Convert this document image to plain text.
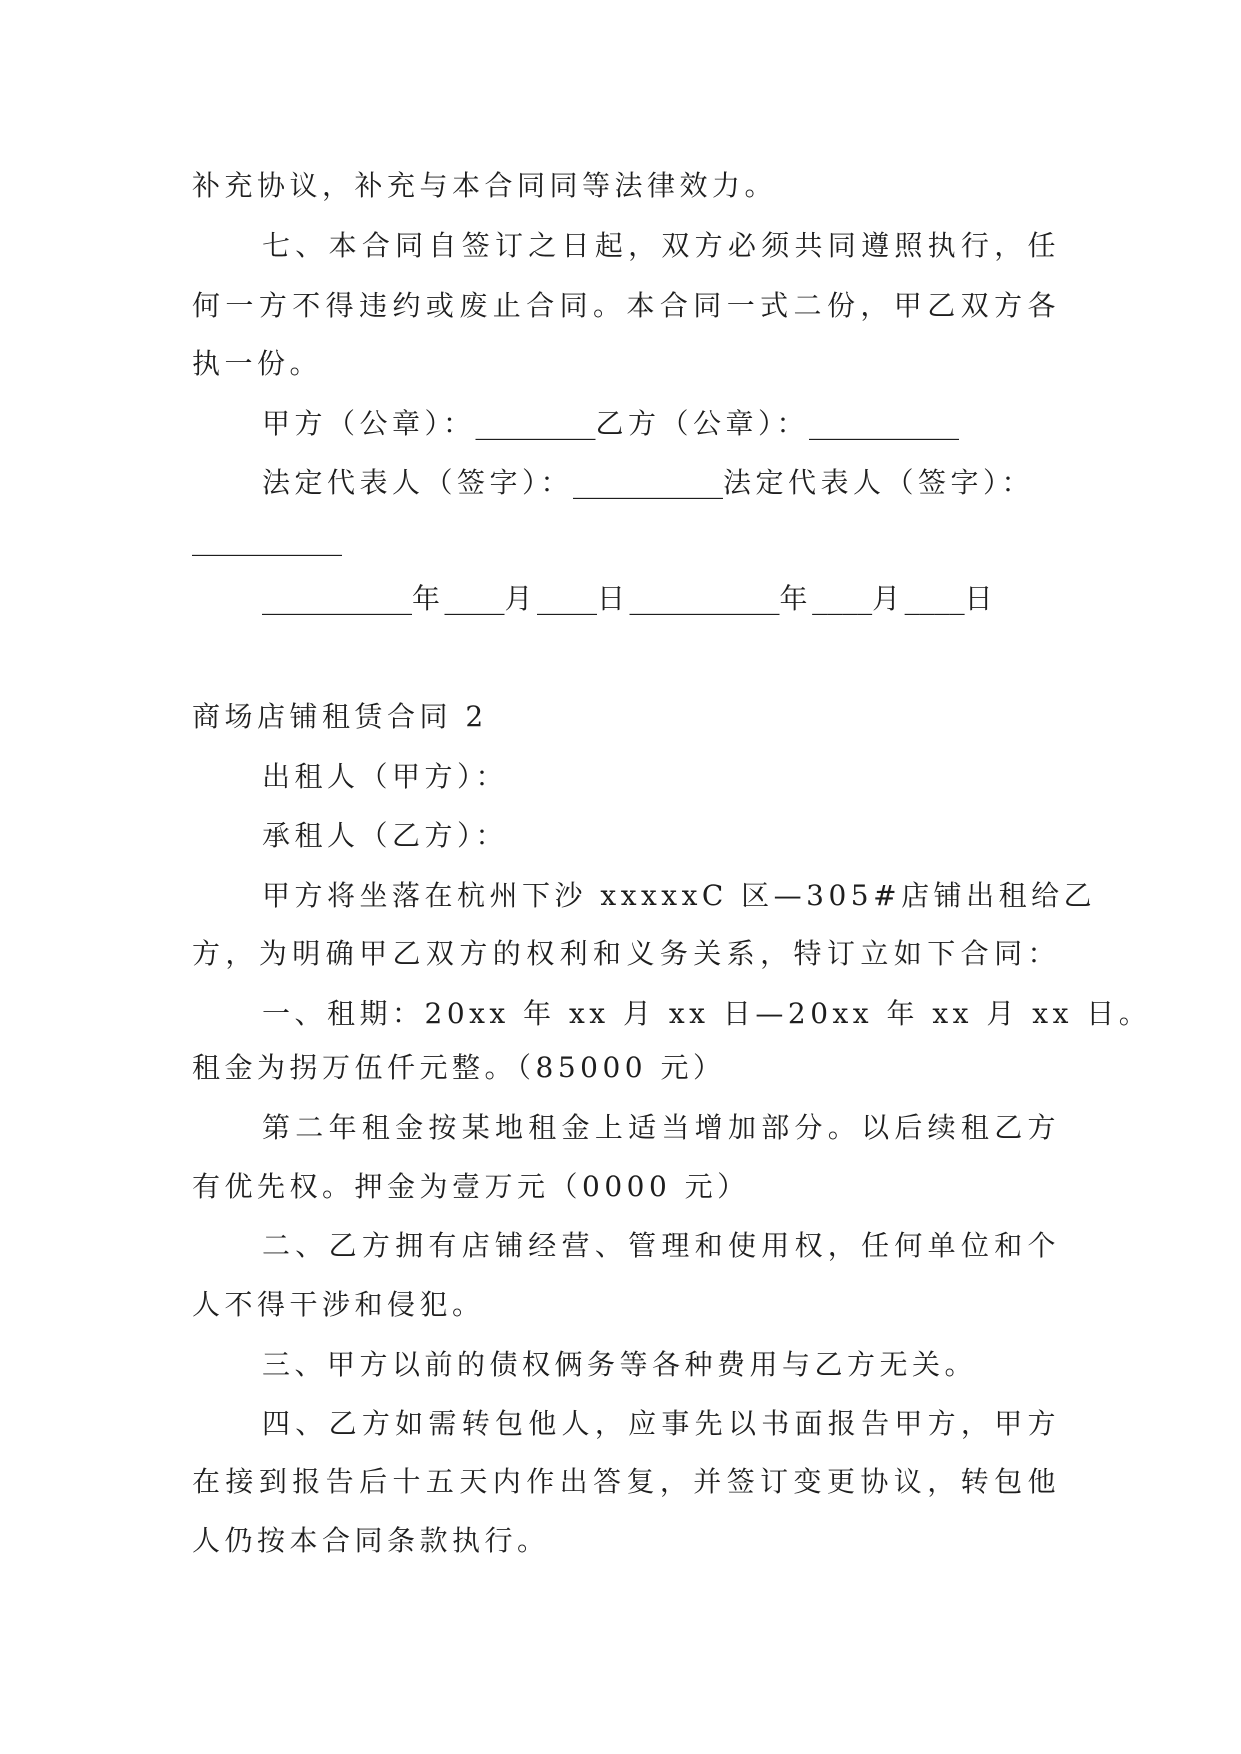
补充协议，补充与本合同同等法律效力。
七、本合同自签订之日起，双方必须共同遵照执行，任
何一方不得违约或废止合同。本合同一式二份，甲乙双方各
执一份。
甲方（公章）：________乙方（公章）：__________
法定代表人（签字）：__________法定代表人（签字）：
__________
__________年____月____日__________年____月____日
商场店铺租赁合同 2
出租人（甲方）：
承租人（乙方）：
甲方将坐落在杭州下沙 xxxxxC 区—305#店铺出租给乙
方，为明确甲乙双方的权利和义务关系，特订立如下合同：
一、租期：20xx 年 xx 月 xx 日—20xx 年 xx 月 xx 日。
租金为拐万伍仟元整。（85000 元）
第二年租金按某地租金上适当增加部分。以后续租乙方
有优先权。押金为壹万元（0000 元）
二、乙方拥有店铺经营、管理和使用权，任何单位和个
人不得干涉和侵犯。
三、甲方以前的债权俩务等各种费用与乙方无关。
四、乙方如需转包他人，应事先以书面报告甲方，甲方
在接到报告后十五天内作出答复，并签订变更协议，转包他
人仍按本合同条款执行。
